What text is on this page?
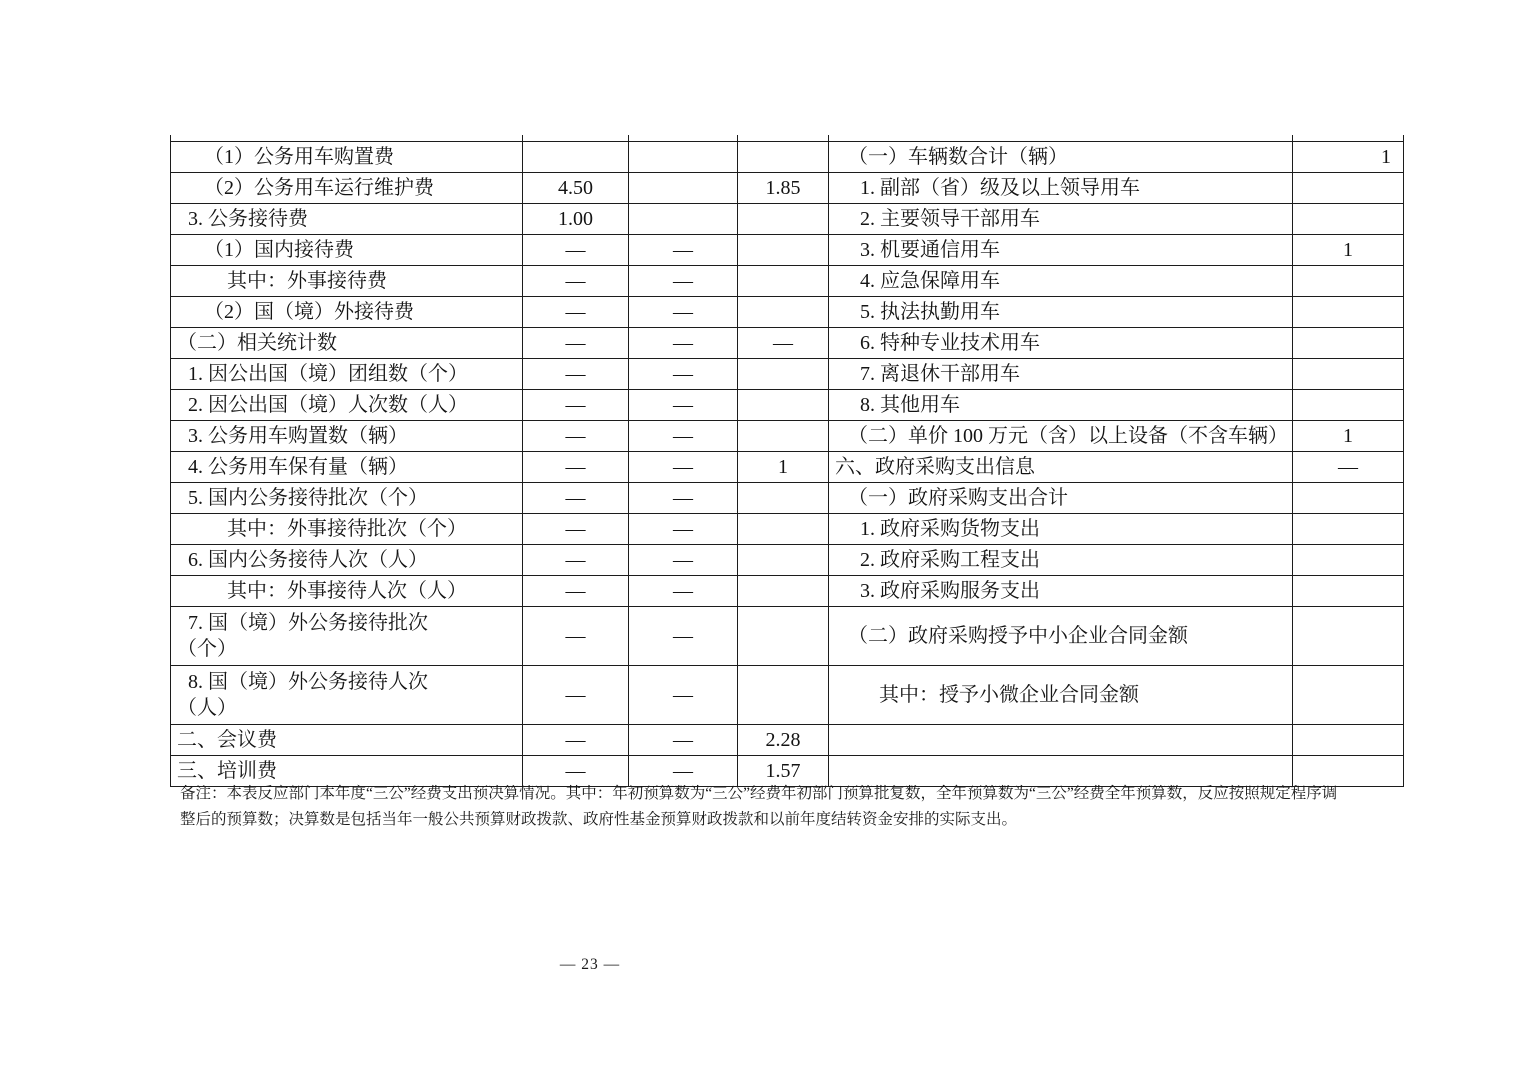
（1）公务用车购置费				（一）车辆数合计（辆）	1

（2）公务用车运行维护费	4.50		1.85	1. 副部（省）级及以上领导用车	

3. 公务接待费	1.00			2. 主要领导干部用车	

（1）国内接待费	—	—		3. 机要通信用车	1

其中：外事接待费	—	—		4. 应急保障用车	

（2）国（境）外接待费	—	—		5. 执法执勤用车	

（二）相关统计数	—	—	—	6. 特种专业技术用车	

1. 因公出国（境）团组数（个）	—	—		7. 离退休干部用车	

2. 因公出国（境）人次数（人）	—	—		8. 其他用车	

3. 公务用车购置数（辆）	—	—		（二）单价 100 万元（含）以上设备（不含车辆）	1

4. 公务用车保有量（辆）	—	—	1	六、政府采购支出信息	—

5. 国内公务接待批次（个）	—	—		（一）政府采购支出合计	

其中：外事接待批次（个）	—	—		1. 政府采购货物支出	

6. 国内公务接待人次（人）	—	—		2. 政府采购工程支出	

其中：外事接待人次（人）	—	—		3. 政府采购服务支出	

7. 国（境）外公务接待批次
（个）	—	—		（二）政府采购授予中小企业合同金额	

8. 国（境）外公务接待人次
（人）	—	—		其中：授予小微企业合同金额	

二、会议费	—	—	2.28	

三、培训费	—	—	1.57	

备注：本表反应部门本年度“三公”经费支出预决算情况。其中：年初预算数为“三公”经费年初部门预算批复数，全年预算数为“三公”经费全年预算数，反应按照规定程序调
整后的预算数；决算数是包括当年一般公共预算财政拨款、政府性基金预算财政拨款和以前年度结转资金安排的实际支出。

— 23 —
